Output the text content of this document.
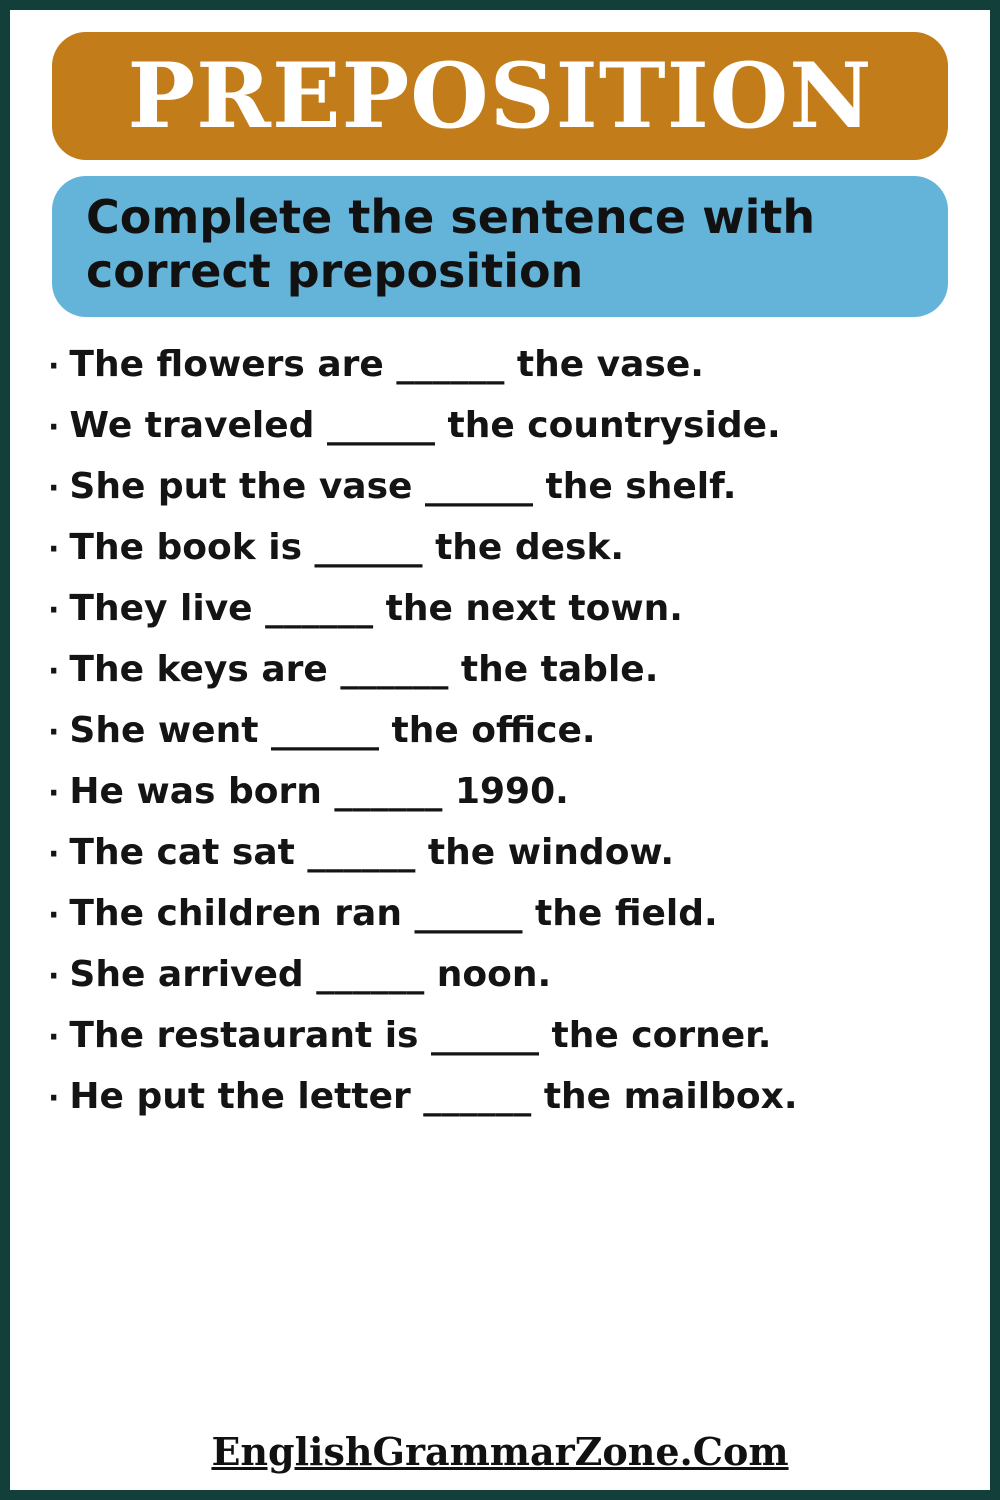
PREPOSITION
Complete the sentence with correct preposition
· The flowers are ______ the vase.
· We traveled ______ the countryside.
· She put the vase ______ the shelf.
· The book is ______ the desk.
· They live ______ the next town.
· The keys are ______ the table.
· She went ______ the office.
· He was born ______ 1990.
· The cat sat ______ the window.
· The children ran ______ the field.
· She arrived ______ noon.
· The restaurant is ______ the corner.
· He put the letter ______ the mailbox.
EnglishGrammarZone.Com
